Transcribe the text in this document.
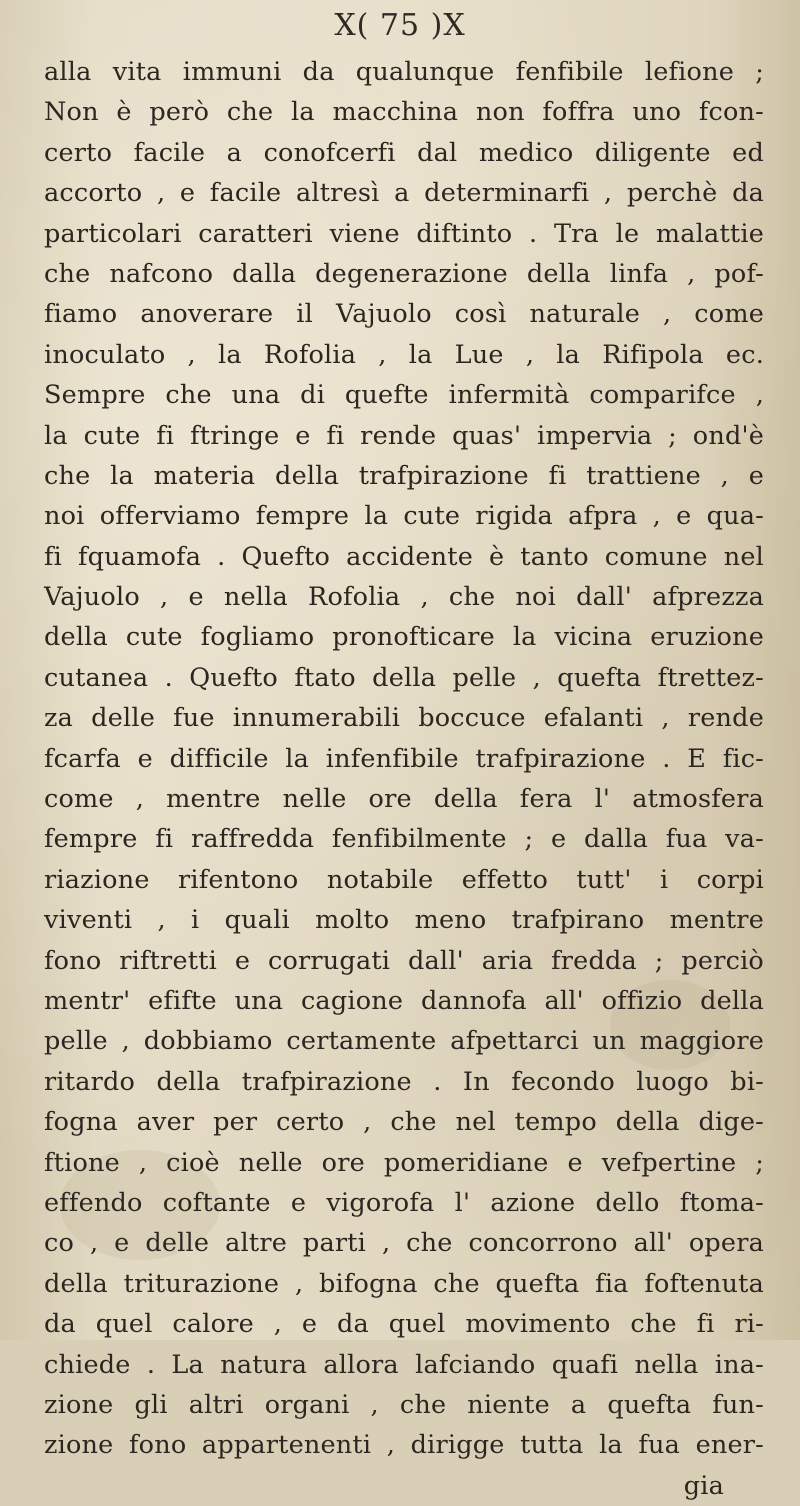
X( 75 )X
alla vita immuni da qualunque fenfibile lefione ;
Non è però che la macchina non foffra uno fcon-
certo facile a conofcerfi dal medico diligente ed
accorto , e facile altresì a determinarfi , perchè da
particolari caratteri viene diftinto . Tra le malattie
che nafcono dalla degenerazione della linfa , pof-
fiamo anoverare il Vajuolo così naturale , come
inoculato , la Rofolia , la Lue , la Rifipola ec.
Sempre che una di quefte infermità comparifce ,
la cute fi ftringe e fi rende quas' impervia ; ond'è
che la materia della trafpirazione fi trattiene , e
noi offerviamo fempre la cute rigida afpra , e qua-
fi fquamofa . Quefto accidente è tanto comune nel
Vajuolo , e nella Rofolia , che noi dall' afprezza
della cute fogliamo pronofticare la vicina eruzione
cutanea . Quefto ftato della pelle , quefta ftrettez-
za delle fue innumerabili boccuce efalanti , rende
fcarfa e difficile la infenfibile trafpirazione . E fic-
come , mentre nelle ore della fera l' atmosfera
fempre fi raffredda fenfibilmente ; e dalla fua va-
riazione rifentono notabile effetto tutt' i corpi
viventi , i quali molto meno trafpirano mentre
fono riftretti e corrugati dall' aria fredda ; perciò
mentr' efifte una cagione dannofa all' offizio della
pelle , dobbiamo certamente afpettarci un maggiore
ritardo della trafpirazione . In fecondo luogo bi-
fogna aver per certo , che nel tempo della dige-
ftione , cioè nelle ore pomeridiane e vefpertine ;
effendo coftante e vigorofa l' azione dello ftoma-
co , e delle altre parti , che concorrono all' opera
della triturazione , bifogna che quefta fia foftenuta
da quel calore , e da quel movimento che fi ri-
chiede . La natura allora lafciando quafi nella ina-
zione gli altri organi , che niente a quefta fun-
zione fono appartenenti , dirigge tutta la fua ener-
gia
